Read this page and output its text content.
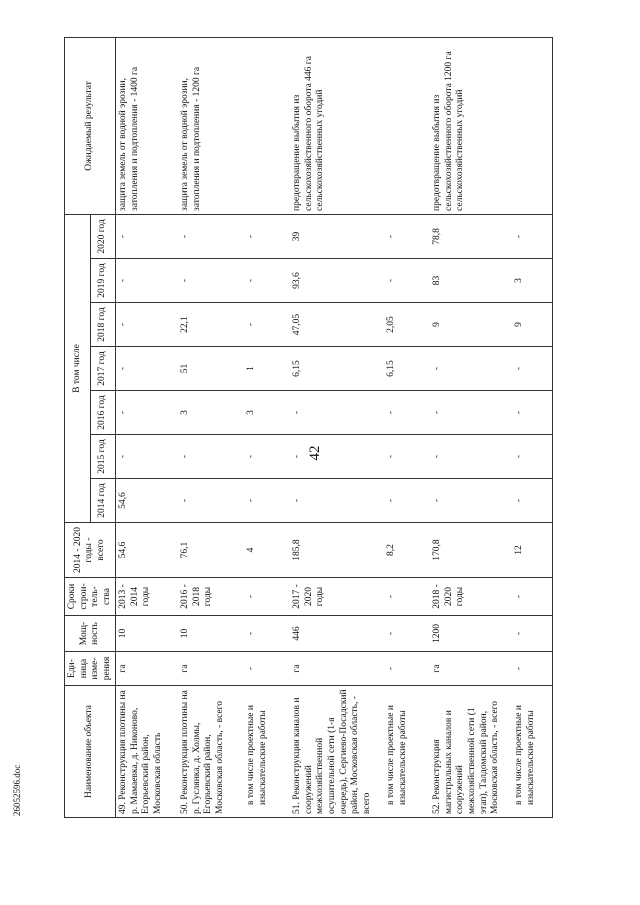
42
Наименование объекта	Еди-ница изме-рения	Мощ-ность	Сроки строи-тель-ства	2014 - 2020 годы - всего	В том числе							Ожидаемый результат
					2014 год	2015 год	2016 год	2017 год	2018 год	2019 год	2020 год	
49. Реконструкция плотины на р. Мамаевка, д. Никоново, Егорьевский район, Московская область	га	10	2013 - 2014 годы	54,6	54,6	-	-	-	-	-	-	защита земель от водной эрозии, затопления и подтопления - 1400 га
50. Реконструкция плотины на р. Гуслянка, д. Холмы, Егорьевский район, Московская область, - всего	га	10	2016 - 2018 годы	76,1	-	-	3	51	22,1	-	-	защита земель от водной эрозии, затопления и подтопления - 1200 га
в том числе проектные и изыскательские работы	-	-	-	4	-	-	3	1	-	-	-	
51. Реконструкция каналов и сооружений межхозяйственной осушительной сети (1-я очередь), Сергиево-Посадский район, Московская область, - всего	га	446	2017 - 2020 годы	185,8	-	-	-	6,15	47,05	93,6	39	предотвращение выбытия из сельскохозяйственного оборота 446 га сельскохозяйственных угодий
в том числе проектные и изыскательские работы	-	-	-	8,2	-	-	-	6,15	2,05	-	-	
52. Реконструкция магистральных каналов и сооружений межхозяйственной сети (1 этап), Талдомский район, Московская область, - всего	га	1200	2018 - 2020 годы	170,8	-	-	-	-	9	83	78,8	предотвращение выбытия из сельскохозяйственного оборота 1200 га сельскохозяйственных угодий
в том числе проектные и изыскательские работы	-	-	-	12	-	-	-	-	9	3	-	
26052596.doc
